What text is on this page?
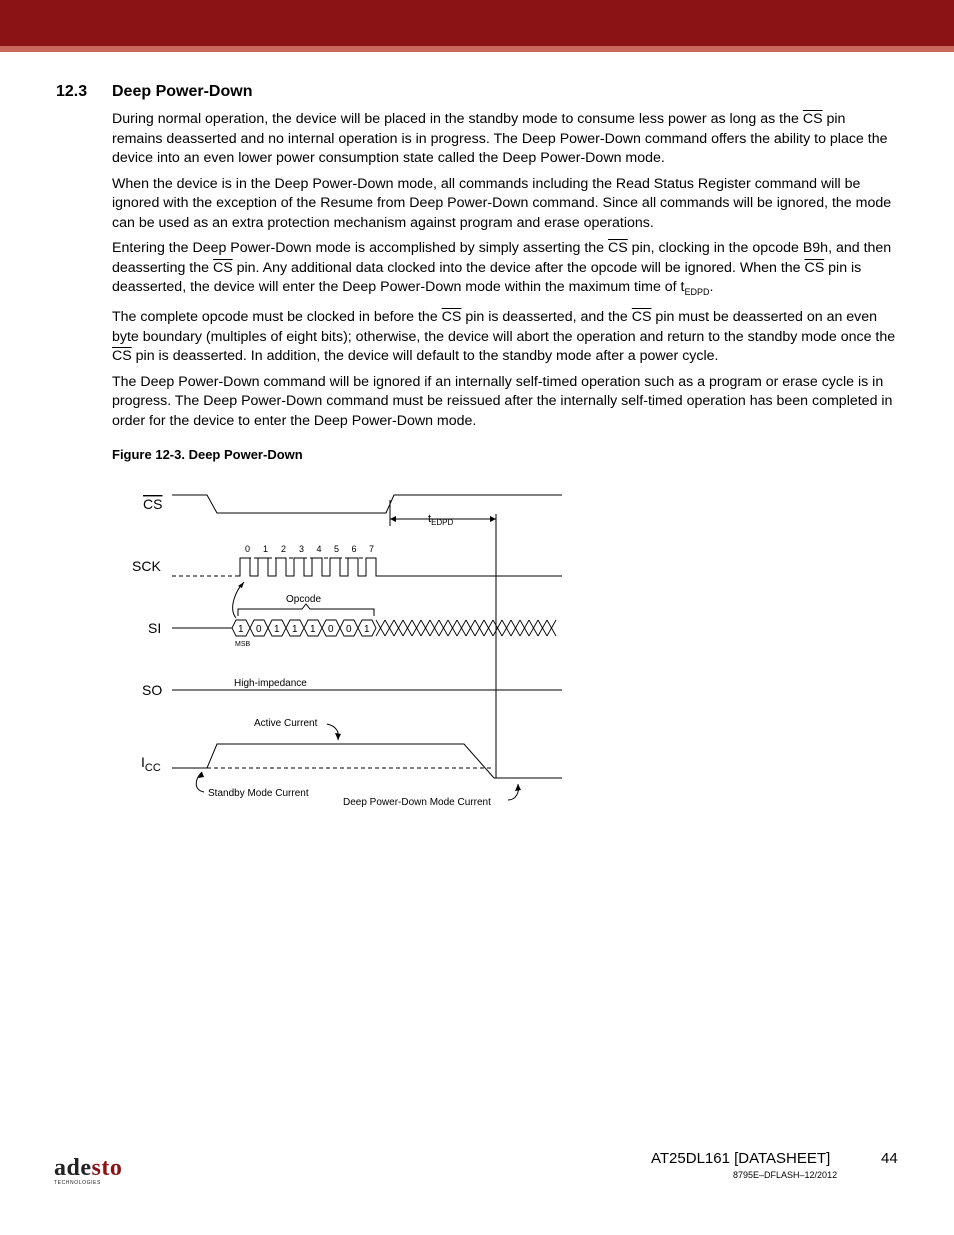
12.3 Deep Power-Down

During normal operation, the device will be placed in the standby mode to consume less power as long as the $\overline{CS}$ pin remains deasserted and no internal operation is in progress. The Deep Power-Down command offers the ability to place the device into an even lower power consumption state called the Deep Power-Down mode.

When the device is in the Deep Power-Down mode, all commands including the Read Status Register command will be ignored with the exception of the Resume from Deep Power-Down command. Since all commands will be ignored, the mode can be used as an extra protection mechanism against program and erase operations.

Entering the Deep Power-Down mode is accomplished by simply asserting the $\overline{CS}$ pin, clocking in the opcode B9h, and then deasserting the $\overline{CS}$ pin. Any additional data clocked into the device after the opcode will be ignored. When the $\overline{CS}$ pin is deasserted, the device will enter the Deep Power-Down mode within the maximum time of $t_{EDPD}$.

The complete opcode must be clocked in before the $\overline{CS}$ pin is deasserted, and the $\overline{CS}$ pin must be deasserted on an even byte boundary (multiples of eight bits); otherwise, the device will abort the operation and return to the standby mode once the $\overline{CS}$ pin is deasserted. In addition, the device will default to the standby mode after a power cycle.

The Deep Power-Down command will be ignored if an internally self-timed operation such as a program or erase cycle is in progress. The Deep Power-Down command must be reissued after the internally self-timed operation has been completed in order for the device to enter the Deep Power-Down mode.

Figure 12-3. Deep Power-Down
0 1 2 3 4 5 6 7
1 0 1 1 1 0 0 1
CS
SCK
SI
SO
$I_{CC}$
$t_{EDPD}$
Opcode
MSB
High-impedance
Active Current
Standby Mode Current
Deep Power-Down Mode Current
adesto
TECHNOLOGIES
AT25DL161 [DATASHEET]	44
8795E–DFLASH–12/2012
